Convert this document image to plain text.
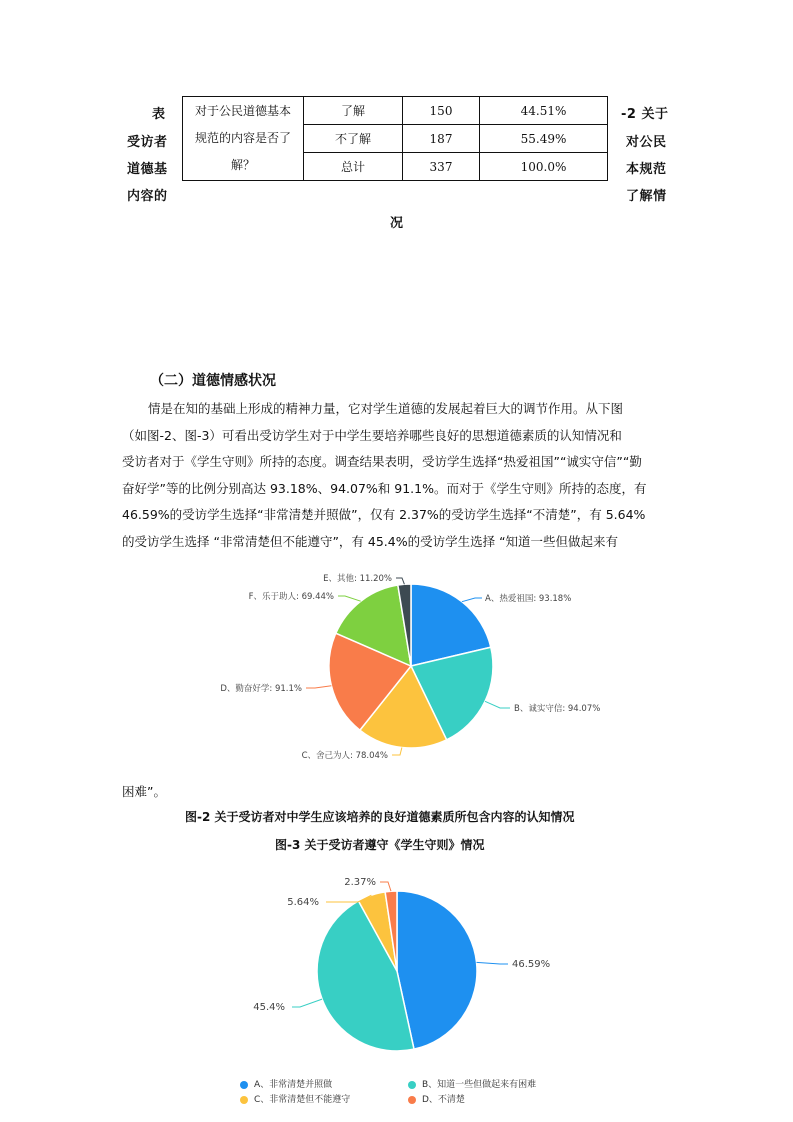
表
受访者
道德基
内容的
-2 关于
对公民
本规范
了解情
况
对于公民道德基本
规范的内容是否了
解？	了解	150	44.51%
	不了解	187	55.49%
	总计	337	100.0%
（二）道德情感状况
情是在知的基础上形成的精神力量，它对学生道德的发展起着巨大的调节作用。从下图
（如图-2、图-3）可看出受访学生对于中学生要培养哪些良好的思想道德素质的认知情况和
受访者对于《学生守则》所持的态度。调查结果表明，受访学生选择“热爱祖国”“诚实守信”“勤
奋好学”等的比例分别高达 93.18%、94.07%和 91.1%。而对于《学生守则》所持的态度，有
46.59%的受访学生选择“非常清楚并照做”，仅有 2.37%的受访学生选择“不清楚”，有 5.64%
的受访学生选择 “非常清楚但不能遵守”，有 45.4%的受访学生选择 “知道一些但做起来有
A、热爱祖国: 93.18%
B、诚实守信: 94.07%
C、舍己为人: 78.04%
D、勤奋好学: 91.1%
F、乐于助人: 69.44%
E、其他: 11.20%
困难”。
图-2 关于受访者对中学生应该培养的良好道德素质所包含内容的认知情况
图-3 关于受访者遵守《学生守则》情况
46.59%
45.4%
5.64%
2.37%
A、非常清楚并照做	B、知道一些但做起来有困难
C、非常清楚但不能遵守	D、不清楚
